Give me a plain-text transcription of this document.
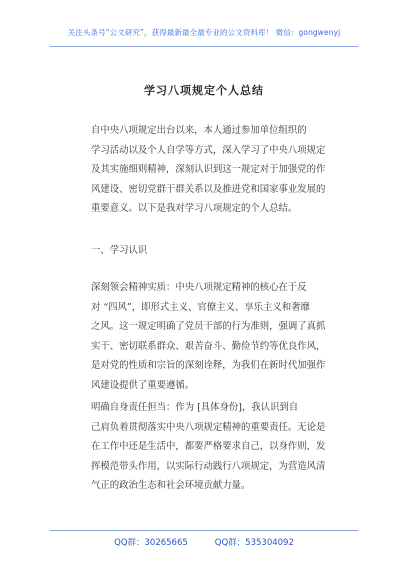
关注头条号“公文研究”，获得最新最全最专业的公文资料库！ 微信：gongwenyj
学习八项规定个人总结
自中央八项规定出台以来，本人通过参加单位组织的
学习活动以及个人自学等方式，深入学习了中央八项规定
及其实施细则精神，深刻认识到这一规定对于加强党的作
风建设、密切党群干群关系以及推进党和国家事业发展的
重要意义。以下是我对学习八项规定的个人总结。
一、学习认识
深刻领会精神实质：中央八项规定精神的核心在于反
对 “四风”，即形式主义、官僚主义、享乐主义和奢靡
之风。这一规定明确了党员干部的行为准则，强调了真抓
实干、密切联系群众、艰苦奋斗、勤俭节约等优良作风，
是对党的性质和宗旨的深刻诠释，为我们在新时代加强作
风建设提供了重要遵循。
明确自身责任担当：作为 [具体身份]，我认识到自
己肩负着贯彻落实中央八项规定精神的重要责任。无论是
在工作中还是生活中，都要严格要求自己，以身作则，发
挥模范带头作用，以实际行动践行八项规定，为营造风清
气正的政治生态和社会环境贡献力量。
QQ群：30265665          QQ群：535304092
